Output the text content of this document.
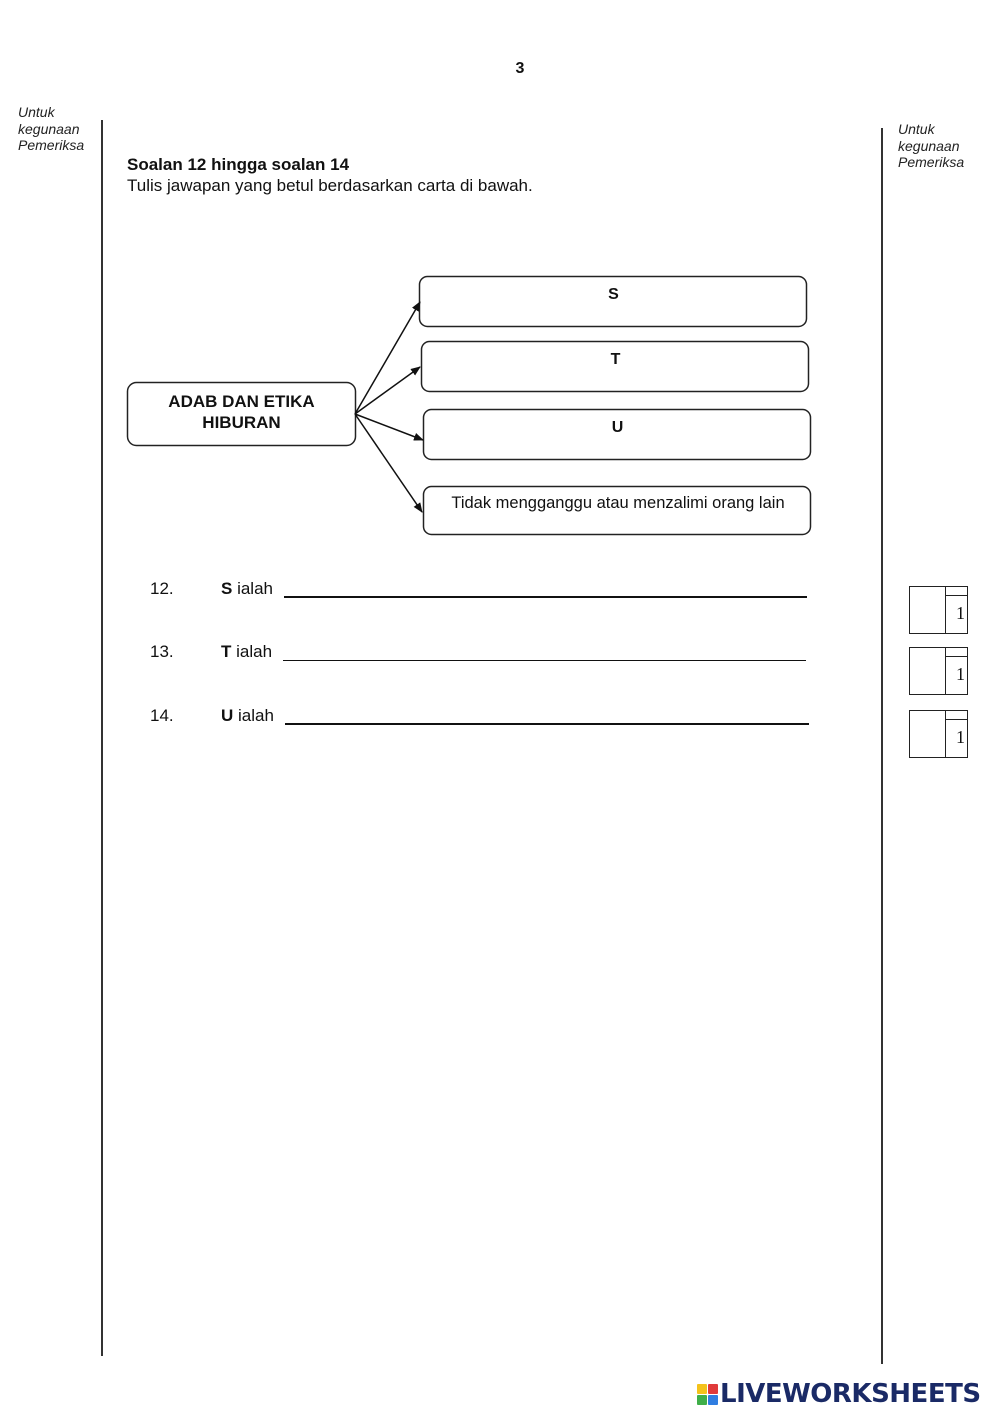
3
Untuk
kegunaan
Pemeriksa
Untuk
kegunaan
Pemeriksa
Soalan 12 hingga soalan 14
Tulis jawapan yang betul berdasarkan carta di bawah.
ADAB DAN ETIKA
HIBURAN
S
T
U
Tidak mengganggu atau menzalimi orang lain
12.	S ialah
13.	T ialah
14.	U ialah
1
1
1
LIVEWORKSHEETS
